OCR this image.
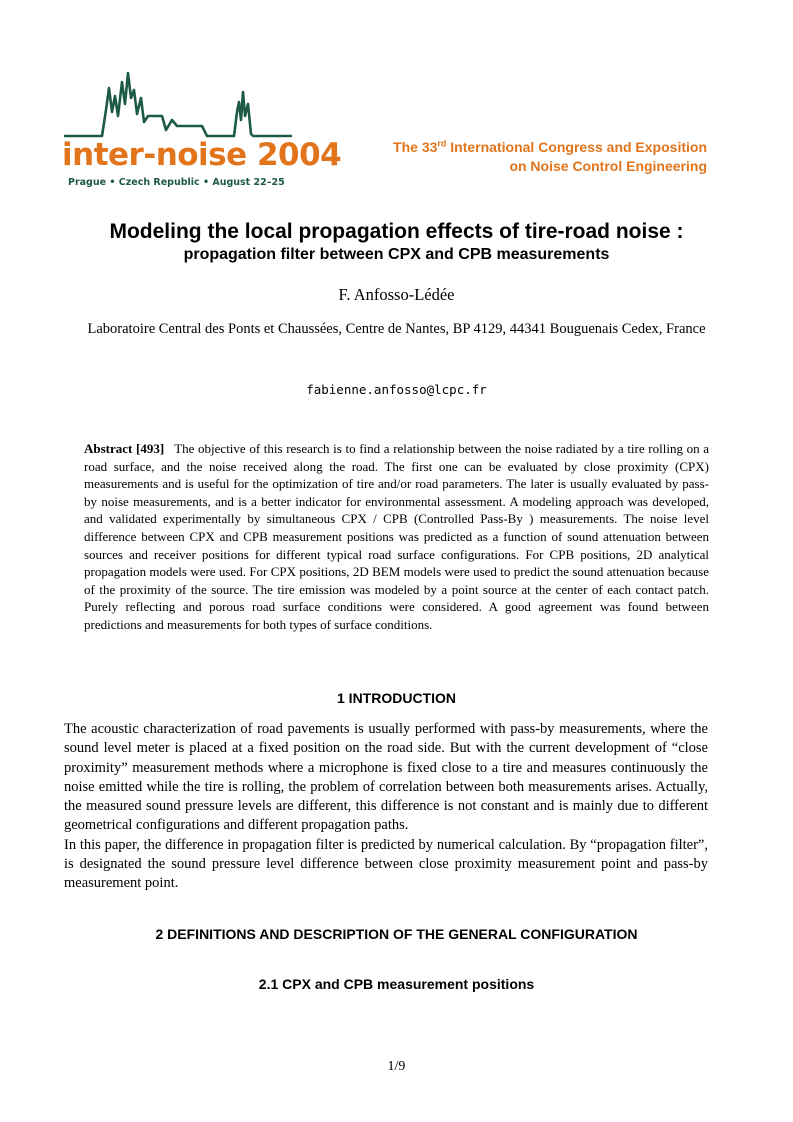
inter-noise 2004
Prague • Czech Republic • August 22–25
The 33rd International Congress and Exposition
on Noise Control Engineering
Modeling the local propagation effects of tire-road noise :
propagation filter between CPX and CPB measurements
F. Anfosso-Lédée
Laboratoire Central des Ponts et Chaussées, Centre de Nantes, BP 4129, 44341 Bouguenais Cedex, France
fabienne.anfosso@lcpc.fr
Abstract [493] The objective of this research is to find a relationship between the noise radiated by a tire rolling on a road surface, and the noise received along the road. The first one can be evaluated by close proximity (CPX) measurements and is useful for the optimization of tire and/or road parameters. The later is usually evaluated by pass-by noise measurements, and is a better indicator for environmental assessment. A modeling approach was developed, and validated experimentally by simultaneous CPX / CPB (Controlled Pass-By ) measurements. The noise level difference between CPX and CPB measurement positions was predicted as a function of sound attenuation between sources and receiver positions for different typical road surface configurations. For CPB positions, 2D analytical propagation models were used. For CPX positions, 2D BEM models were used to predict the sound attenuation because of the proximity of the source. The tire emission was modeled by a point source at the center of each contact patch. Purely reflecting and porous road surface conditions were considered. A good agreement was found between predictions and measurements for both types of surface conditions.
1 INTRODUCTION

The acoustic characterization of road pavements is usually performed with pass-by measurements, where the sound level meter is placed at a fixed position on the road side. But with the current development of “close proximity” measurement methods where a microphone is fixed close to a tire and measures continuously the noise emitted while the tire is rolling, the problem of correlation between both measurements arises. Actually, the measured sound pressure levels are different, this difference is not constant and is mainly due to different geometrical configurations and different propagation paths.

In this paper, the difference in propagation filter is predicted by numerical calculation. By “propagation filter”, is designated the sound pressure level difference between close proximity measurement point and pass-by measurement point.

2 DEFINITIONS AND DESCRIPTION OF THE GENERAL CONFIGURATION
2.1 CPX and CPB measurement positions
1/9
